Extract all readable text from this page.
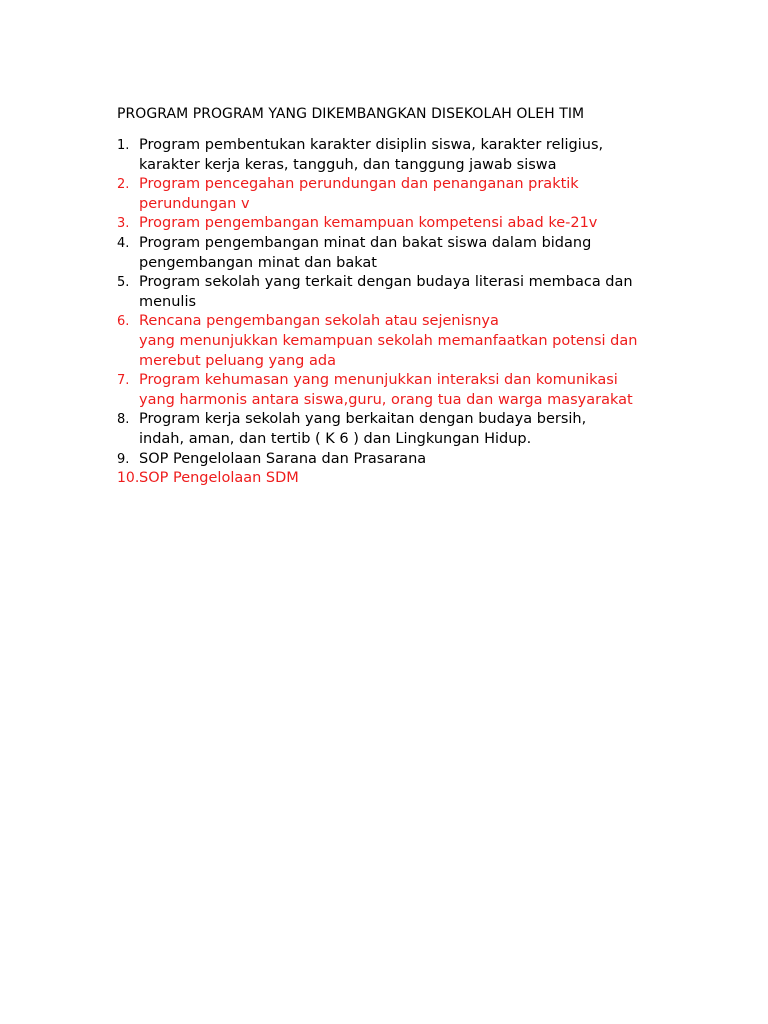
PROGRAM PROGRAM YANG DIKEMBANGKAN DISEKOLAH OLEH TIM
1. Program pembentukan karakter disiplin siswa, karakter religius,
karakter kerja keras, tangguh, dan tanggung jawab siswa
2. Program pencegahan perundungan dan penanganan praktik
perundungan v
3. Program pengembangan kemampuan kompetensi abad ke-21v
4. Program pengembangan minat dan bakat siswa dalam bidang
pengembangan minat dan bakat
5. Program sekolah yang terkait dengan budaya literasi membaca dan
menulis
6. Rencana pengembangan sekolah atau sejenisnya
yang menunjukkan kemampuan sekolah memanfaatkan potensi dan
merebut peluang yang ada
7. Program kehumasan yang menunjukkan interaksi dan komunikasi
yang harmonis antara siswa,guru, orang tua dan warga masyarakat
8. Program kerja sekolah yang berkaitan dengan budaya bersih,
indah, aman, dan tertib ( K 6 ) dan Lingkungan Hidup.
9. SOP Pengelolaan Sarana dan Prasarana
10. SOP Pengelolaan SDM
